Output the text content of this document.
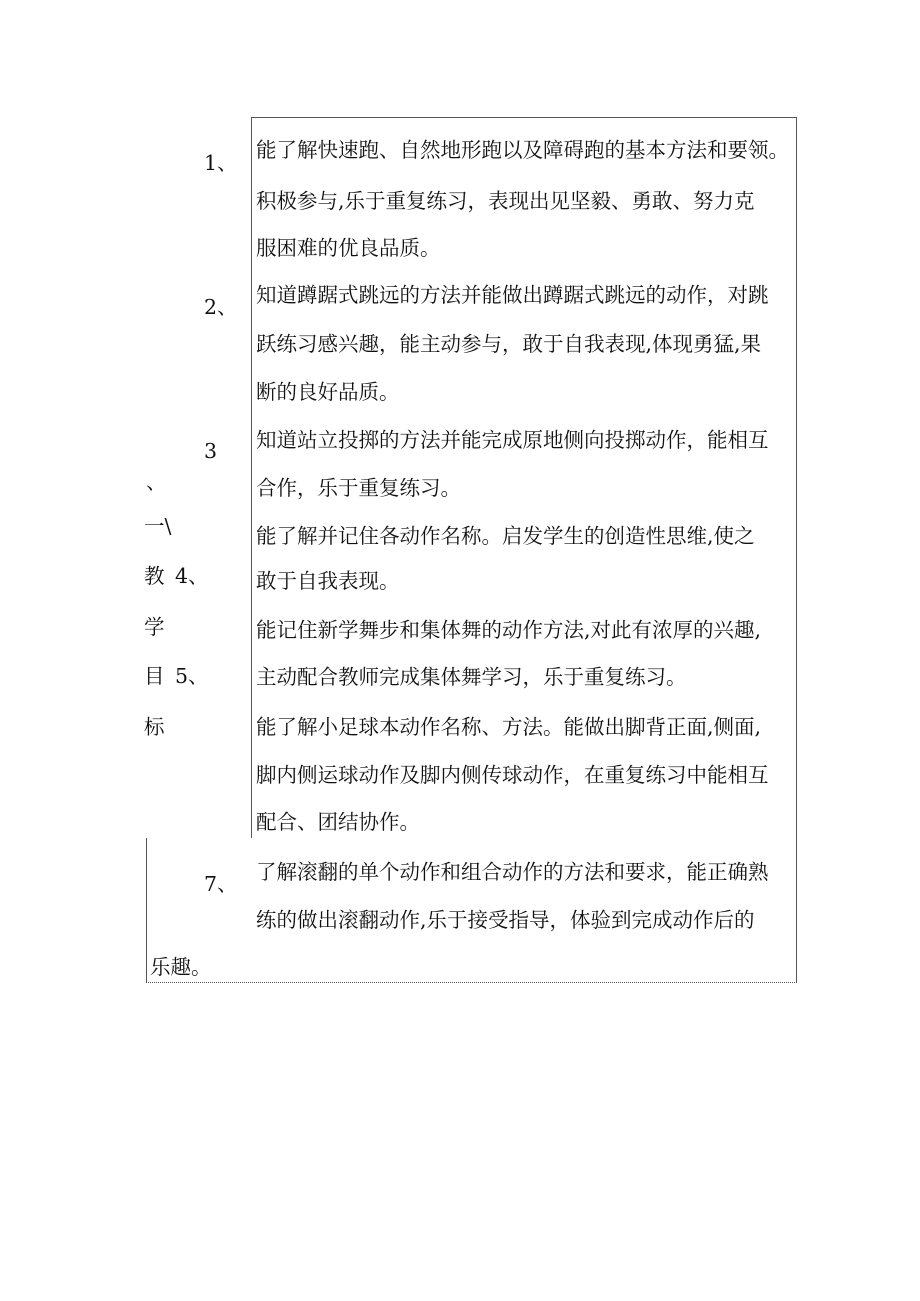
1、
能了解快速跑、自然地形跑以及障碍跑的基本方法和要领。
积极参与,乐于重复练习，表现出见坚毅、勇敢、努力克
服困难的优良品质。
2、 知道蹲踞式跳远的方法并能做出蹲踞式跳远的动作，对跳
跃练习感兴趣，能主动参与，敢于自我表现,体现勇猛,果
断的良好品质。
3
、
知道站立投掷的方法并能完成原地侧向投掷动作，能相互
合作，乐于重复练习。
一\
教
学
目
标
4、
能了解并记住各动作名称。启发学生的创造性思维,使之
敢于自我表现。
5、
能记住新学舞步和集体舞的动作方法,对此有浓厚的兴趣,
主动配合教师完成集体舞学习，乐于重复练习。
能了解小足球本动作名称、方法。能做出脚背正面,侧面,
脚内侧运球动作及脚内侧传球动作，在重复练习中能相互
配合、团结协作。
7、 了解滚翻的单个动作和组合动作的方法和要求，能正确熟
练的做出滚翻动作,乐于接受指导，体验到完成动作后的
乐趣。
